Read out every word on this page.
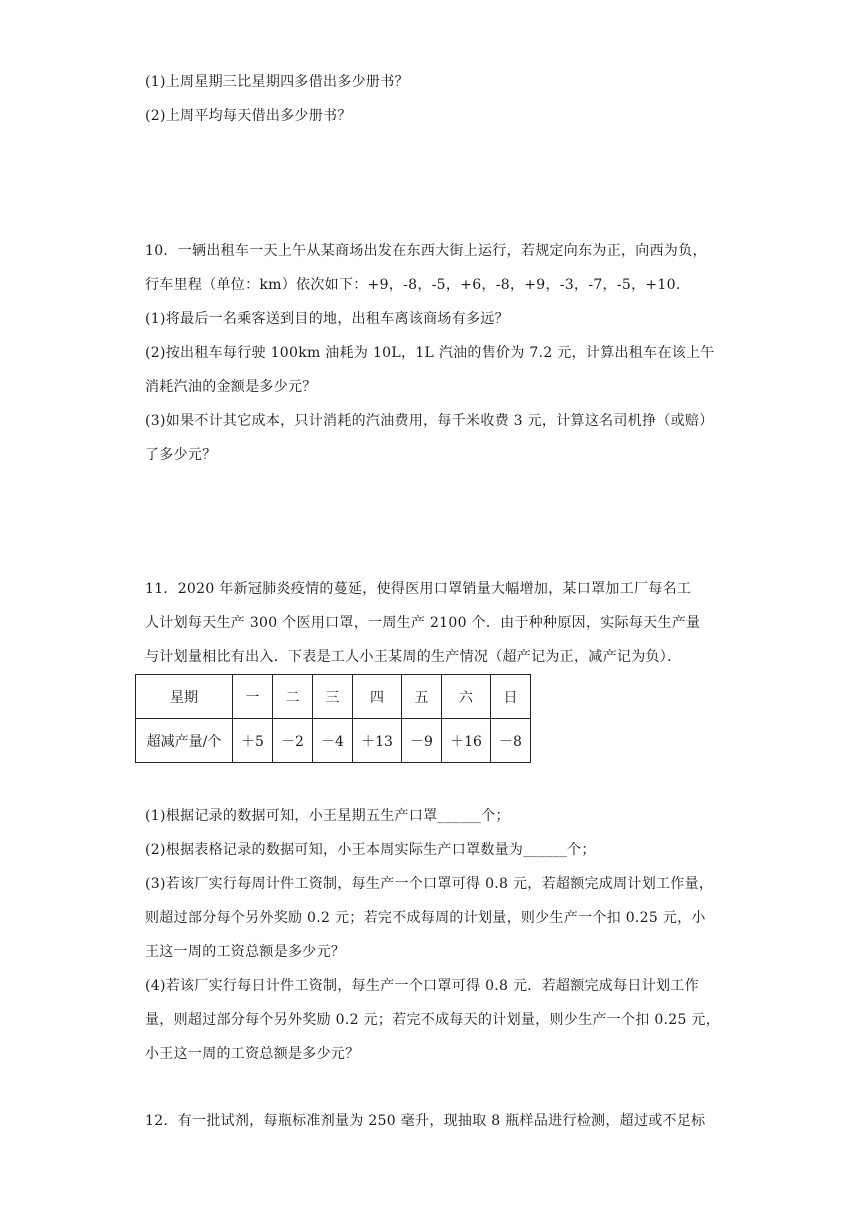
(1)上周星期三比星期四多借出多少册书？
(2)上周平均每天借出多少册书？
10．一辆出租车一天上午从某商场出发在东西大街上运行，若规定向东为正，向西为负，
行车里程（单位：km）依次如下：+9，-8，-5，+6，-8，+9，-3，-7，-5，+10．
(1)将最后一名乘客送到目的地，出租车离该商场有多远？
(2)按出租车每行驶 100km 油耗为 10L，1L 汽油的售价为 7.2 元，计算出租车在该上午
消耗汽油的金额是多少元？
(3)如果不计其它成本，只计消耗的汽油费用，每千米收费 3 元，计算这名司机挣（或赔）
了多少元？
11．2020 年新冠肺炎疫情的蔓延，使得医用口罩销量大幅增加，某口罩加工厂每名工
人计划每天生产 300 个医用口罩，一周生产 2100 个．由于种种原因，实际每天生产量
与计划量相比有出入．下表是工人小王某周的生产情况（超产记为正，减产记为负）．
星期	一	二	三	四	五	六	日
超减产量/个	＋5	－2	－4	＋13	－9	＋16	－8
(1)根据记录的数据可知，小王星期五生产口罩______个；
(2)根据表格记录的数据可知，小王本周实际生产口罩数量为______个；
(3)若该厂实行每周计件工资制，每生产一个口罩可得 0.8 元，若超额完成周计划工作量，
则超过部分每个另外奖励 0.2 元；若完不成每周的计划量，则少生产一个扣 0.25 元，小
王这一周的工资总额是多少元？
(4)若该厂实行每日计件工资制，每生产一个口罩可得 0.8 元．若超额完成每日计划工作
量，则超过部分每个另外奖励 0.2 元；若完不成每天的计划量，则少生产一个扣 0.25 元，
小王这一周的工资总额是多少元？
12．有一批试剂，每瓶标准剂量为 250 毫升，现抽取 8 瓶样品进行检测，超过或不足标
